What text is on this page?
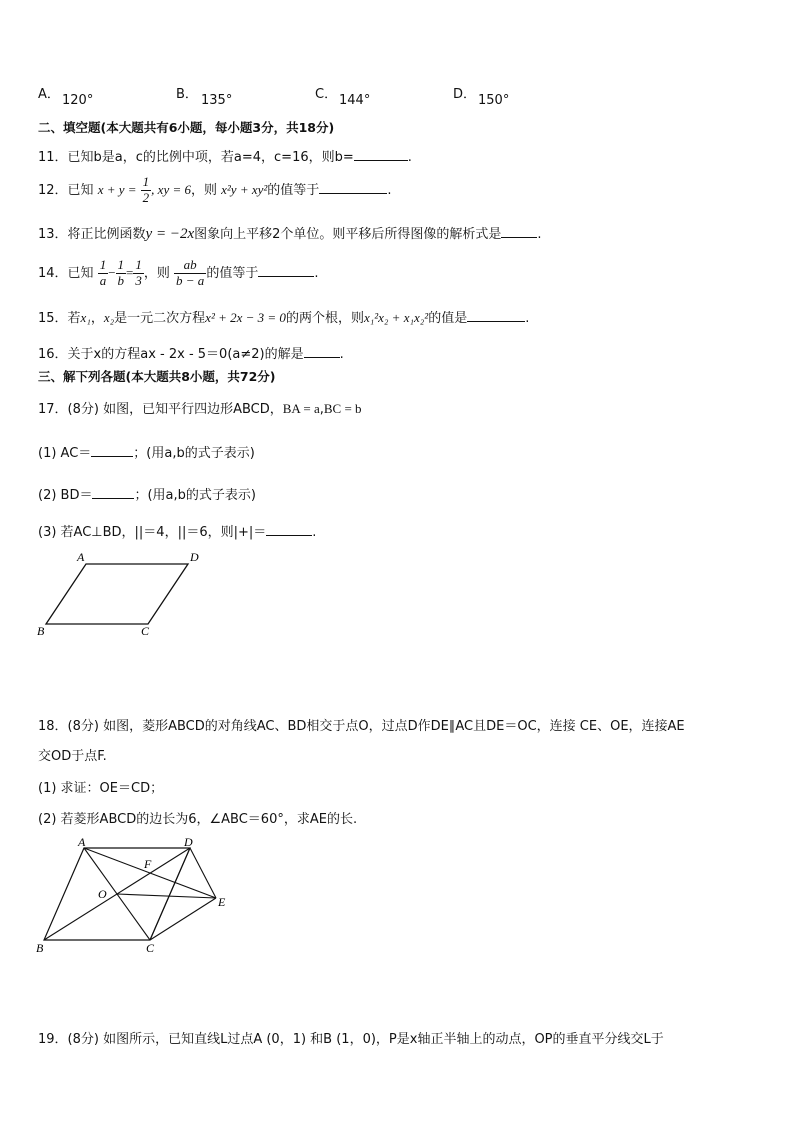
A． 120°	B． 135°	C． 144°	D． 150°
二、填空题(本大题共有6小题，每小题3分，共18分)
11．已知b是a，c的比例中项，若a=4，c=16，则b=	.
12．已知 $x + y = \frac{1}{2}$ , xy = 6，则 x²y + xy²的值等于	.
13．将正比例函数y = −2x图象向上平移2个单位。则平移后所得图像的解析式是	.
14．已知 $\frac{1}{a} - \frac{1}{b} = \frac{1}{3}$ ，则 $\frac{ab}{b - a}$ 的值等于	.
15．若x₁，x₂是一元二次方程x² + 2x − 3 = 0的两个根，则x₁²x₂ + x₁x₂²的值是	.
16．关于x的方程ax - 2x - 5＝0(a≠2)的解是	.
三、解下列各题(本大题共8小题，共72分)
17．(8分) 如图，已知平行四边形ABCD，BA = a,BC = b
(1) AC＝	；(用a,b的式子表示)
(2) BD＝	；(用a,b的式子表示)
(3) 若AC⊥BD，||＝4，||＝6，则|+|＝	.
A	D
B	C
18．(8分) 如图，菱形ABCD的对角线AC、BD相交于点O，过点D作DE∥AC且DE＝OC，连接 CE、OE，连接AE
交OD于点F.
(1) 求证：OE＝CD；
(2) 若菱形ABCD的边长为6，∠ABC＝60°，求AE的长.
A	D
F
O
E
B	C
19．(8分) 如图所示，已知直线L过点A (0，1) 和B (1，0)，P是x轴正半轴上的动点，OP的垂直平分线交L于
